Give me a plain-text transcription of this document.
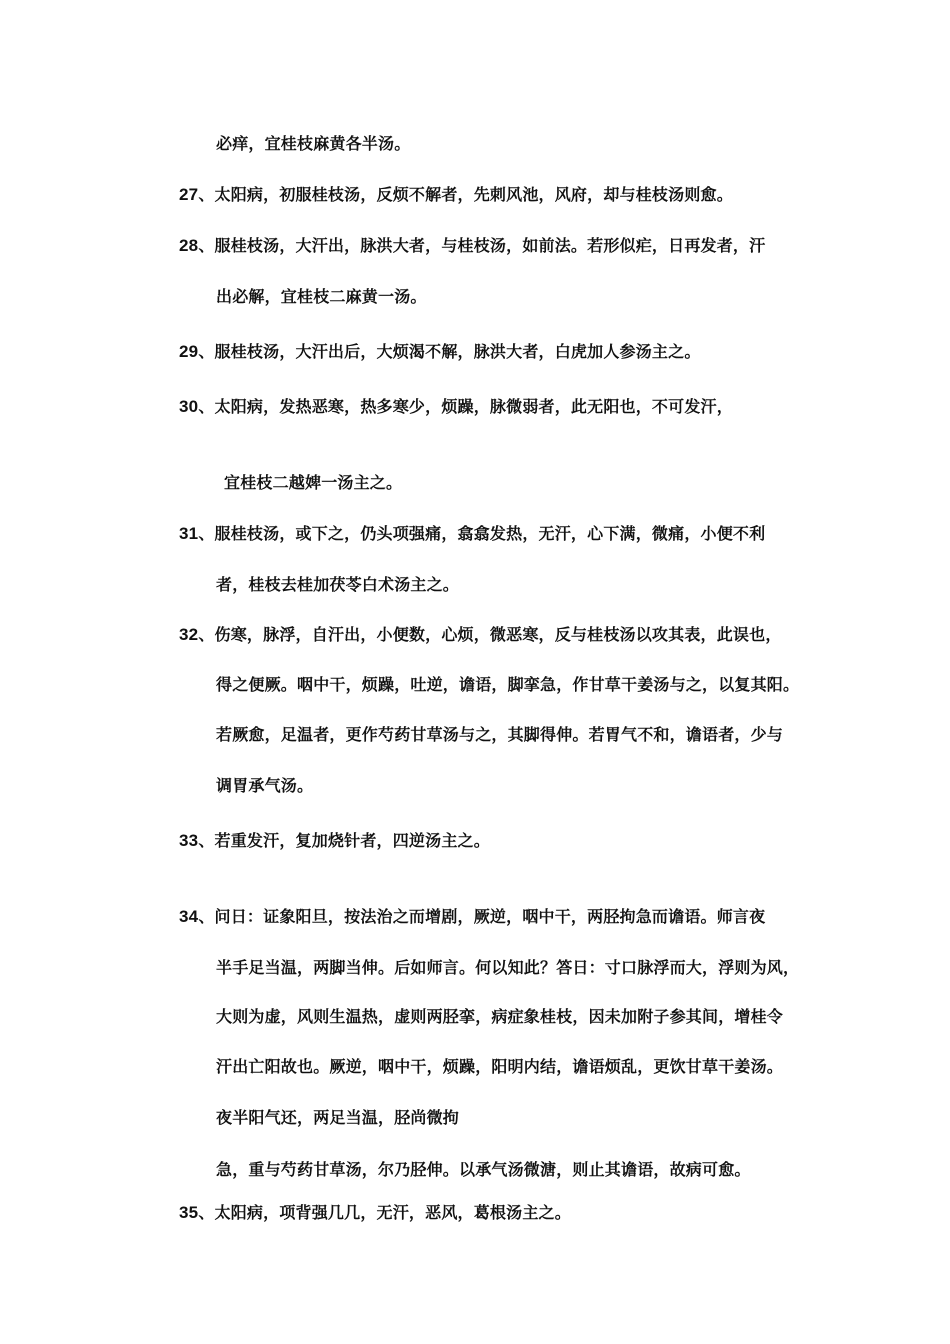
必痒，宜桂枝麻黄各半汤。
27、太阳病，初服桂枝汤，反烦不解者，先刺风池，风府，却与桂枝汤则愈。
28、服桂枝汤，大汗出，脉洪大者，与桂枝汤，如前法。若形似疟，日再发者，汗
出必解，宜桂枝二麻黄一汤。
29、服桂枝汤，大汗出后，大烦渴不解，脉洪大者，白虎加人参汤主之。
30、太阳病，发热恶寒，热多寒少，烦躁，脉微弱者，此无阳也，不可发汗，
宜桂枝二越婢一汤主之。
31、服桂枝汤，或下之，仍头项强痛，翕翕发热，无汗，心下满，微痛，小便不利
者，桂枝去桂加茯苓白术汤主之。
32、伤寒，脉浮，自汗出，小便数，心烦，微恶寒，反与桂枝汤以攻其表，此误也，
得之便厥。咽中干，烦躁，吐逆，谵语，脚挛急，作甘草干姜汤与之，以复其阳。
若厥愈，足温者，更作芍药甘草汤与之，其脚得伸。若胃气不和，谵语者，少与
调胃承气汤。
33、若重发汗，复加烧针者，四逆汤主之。
34、问日：证象阳旦，按法治之而增剧，厥逆，咽中干，两胫拘急而谵语。师言夜
半手足当温，两脚当伸。后如师言。何以知此？答日：寸口脉浮而大，浮则为风，
大则为虚，风则生温热，虚则两胫挛，病症象桂枝，因未加附子参其间，增桂令
汗出亡阳故也。厥逆，咽中干，烦躁，阳明内结，谵语烦乱，更饮甘草干姜汤。
夜半阳气还，两足当温，胫尚微拘
急，重与芍药甘草汤，尔乃胫伸。以承气汤微溏，则止其谵语，故病可愈。
35、太阳病，项背强几几，无汗，恶风，葛根汤主之。
